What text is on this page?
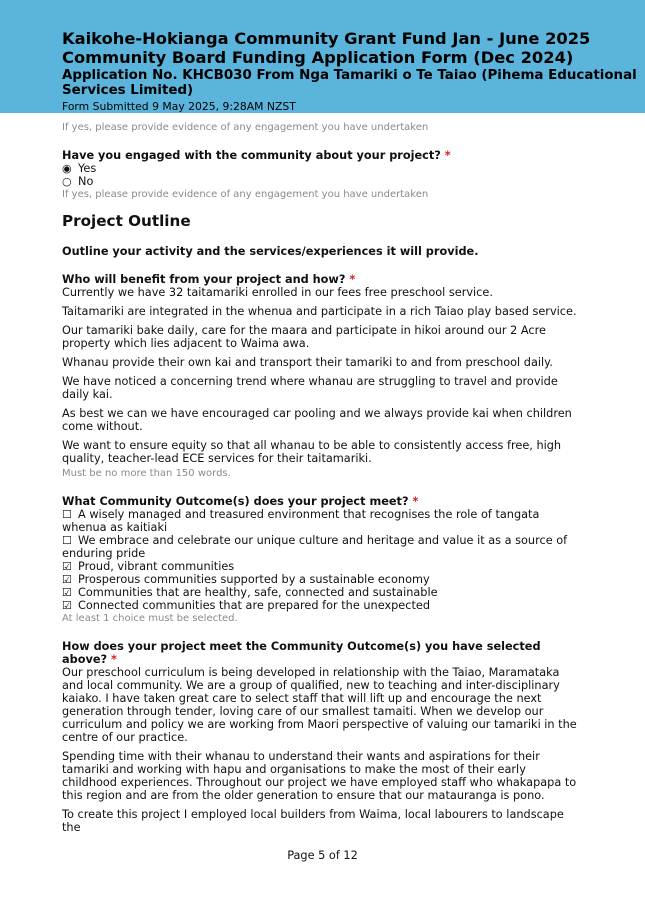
Kaikohe-Hokianga Community Grant Fund Jan - June 2025
Community Board Funding Application Form (Dec 2024)
Application No. KHCB030 From Nga Tamariki o Te Taiao (Pihema Educational Services Limited)
Form Submitted 9 May 2025, 9:28AM NZST
If yes, please provide evidence of any engagement you have undertaken
Have you engaged with the community about your project? *
◉ Yes
○ No
If yes, please provide evidence of any engagement you have undertaken
Project Outline
Outline your activity and the services/experiences it will provide.
Who will benefit from your project and how? *

Currently we have 32 taitamariki enrolled in our fees free preschool service.

Taitamariki are integrated in the whenua and participate in a rich Taiao play based service.

Our tamariki bake daily, care for the maara and participate in hikoi around our 2 Acre property which lies adjacent to Waima awa.

Whanau provide their own kai and transport their tamariki to and from preschool daily.

We have noticed a concerning trend where whanau are struggling to travel and provide daily kai.

As best we can we have encouraged car pooling and we always provide kai when children come without.

We want to ensure equity so that all whanau to be able to consistently access free, high quality, teacher-lead ECE services for their taitamariki.

Must be no more than 150 words.
What Community Outcome(s) does your project meet? *
☐ A wisely managed and treasured environment that recognises the role of tangata whenua as kaitiaki
☐ We embrace and celebrate our unique culture and heritage and value it as a source of enduring pride
☑ Proud, vibrant communities
☑ Prosperous communities supported by a sustainable economy
☑ Communities that are healthy, safe, connected and sustainable
☑ Connected communities that are prepared for the unexpected
At least 1 choice must be selected.
How does your project meet the Community Outcome(s) you have selected above? *

Our preschool curriculum is being developed in relationship with the Taiao, Maramataka and local community. We are a group of qualified, new to teaching and inter-disciplinary kaiako. I have taken great care to select staff that will lift up and encourage the next generation through tender, loving care of our smallest tamaiti. When we develop our curriculum and policy we are working from Maori perspective of valuing our tamariki in the centre of our practice.

Spending time with their whanau to understand their wants and aspirations for their tamariki and working with hapu and organisations to make the most of their early childhood experiences. Throughout our project we have employed staff who whakapapa to this region and are from the older generation to ensure that our matauranga is pono.

To create this project I employed local builders from Waima, local labourers to landscape the

Page 5 of 12
